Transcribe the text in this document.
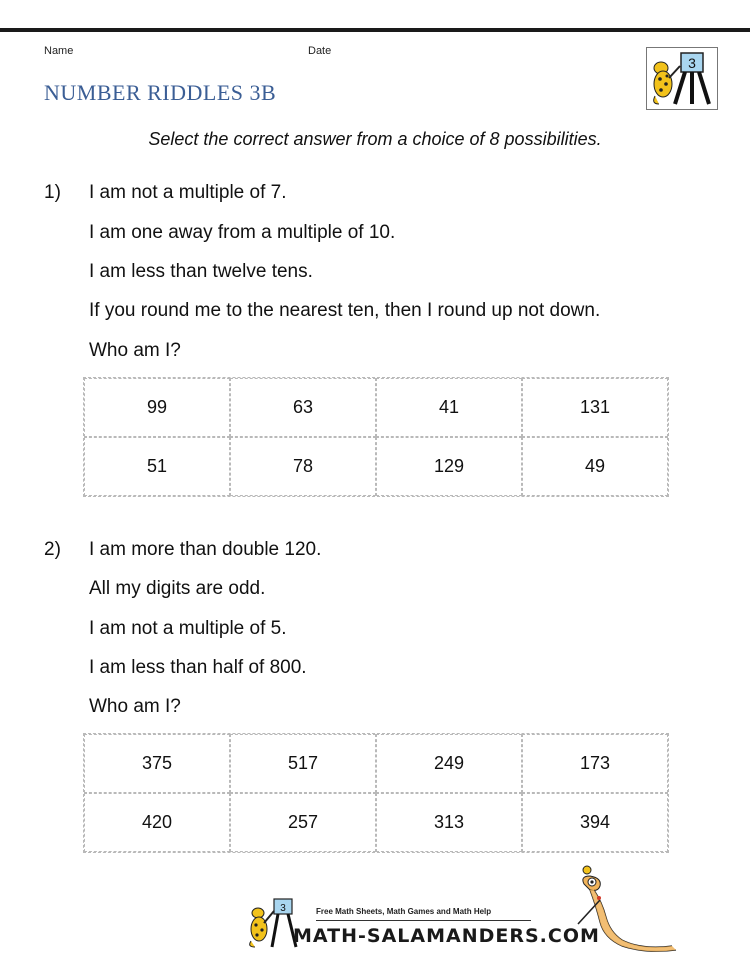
Name	Date
NUMBER RIDDLES 3B
3
Select the correct answer from a choice of 8 possibilities.
1) I am not a multiple of 7.
I am one away from a multiple of 10.
I am less than twelve tens.
If you round me to the nearest ten, then I round up not down.
Who am I?
99	63	41	131
51	78	129	49
2) I am more than double 120.
All my digits are odd.
I am not a multiple of 5.
I am less than half of 800.
Who am I?
375	517	249	173
420	257	313	394
3	Free Math Sheets, Math Games and Math Help
MATH-SALAMANDERS.COM
